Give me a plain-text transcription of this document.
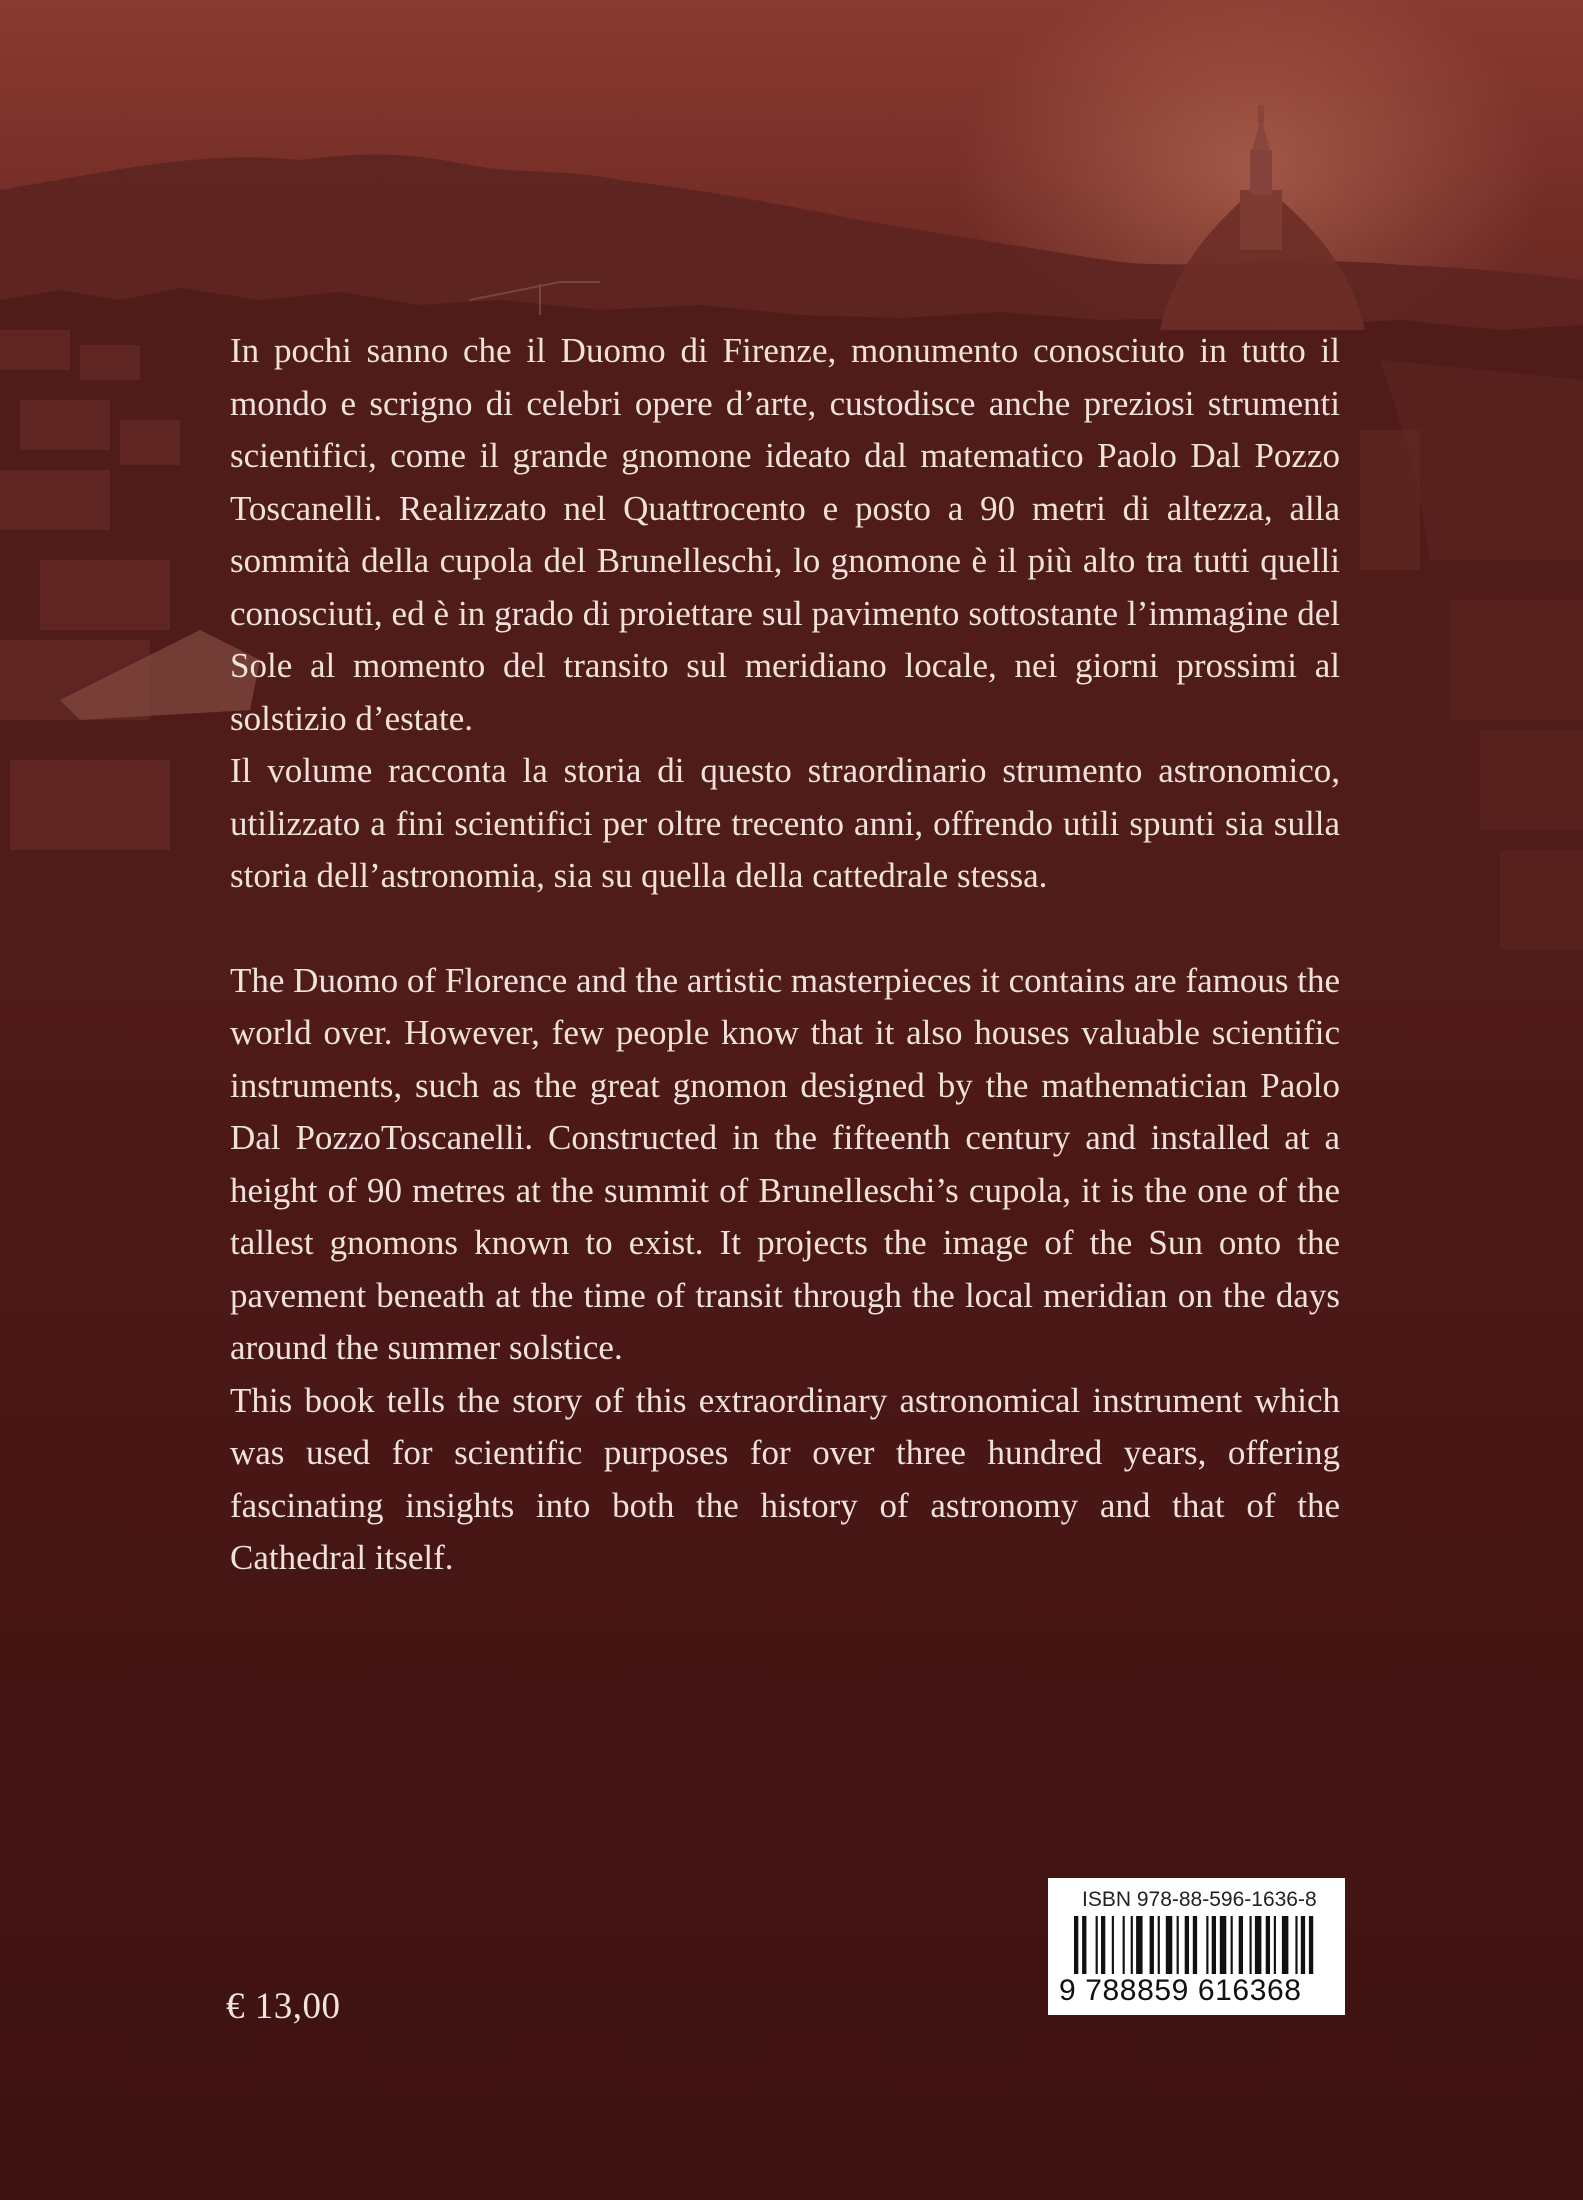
In pochi sanno che il Duomo di Firenze, monumento conosciuto in tutto il mondo e scrigno di celebri opere d’arte, custodisce anche preziosi strumenti scientifici, come il grande gnomone ideato dal matematico Paolo Dal Pozzo Toscanelli. Realizzato nel Quattrocento e posto a 90 metri di altezza, alla sommità della cupola del Brunelleschi, lo gnomone è il più alto tra tutti quelli conosciuti, ed è in grado di proiettare sul pavimento sottostante l’immagine del Sole al momento del transito sul meridiano locale, nei giorni prossimi al solstizio d’estate.

Il volume racconta la storia di questo straordinario strumento astronomico, utilizzato a fini scientifici per oltre trecento anni, offrendo utili spunti sia sulla storia dell’astronomia, sia su quella della cattedrale stessa.

The Duomo of Florence and the artistic masterpieces it contains are famous the world over. However, few people know that it also houses valuable scientific instruments, such as the great gnomon designed by the mathematician Paolo Dal PozzoToscanelli. Constructed in the fifteenth century and installed at a height of 90 metres at the summit of Brunelleschi’s cupola, it is the one of the tallest gnomons known to exist. It projects the image of the Sun onto the pavement beneath at the time of transit through the local meridian on the days around the summer solstice.

This book tells the story of this extraordinary astronomical instrument which was used for scientific purposes for over three hundred years, offering fascinating insights into both the history of astronomy and that of the Cathedral itself.

€ 13,00
ISBN 978-88-596-1636-8
9 788859 616368
